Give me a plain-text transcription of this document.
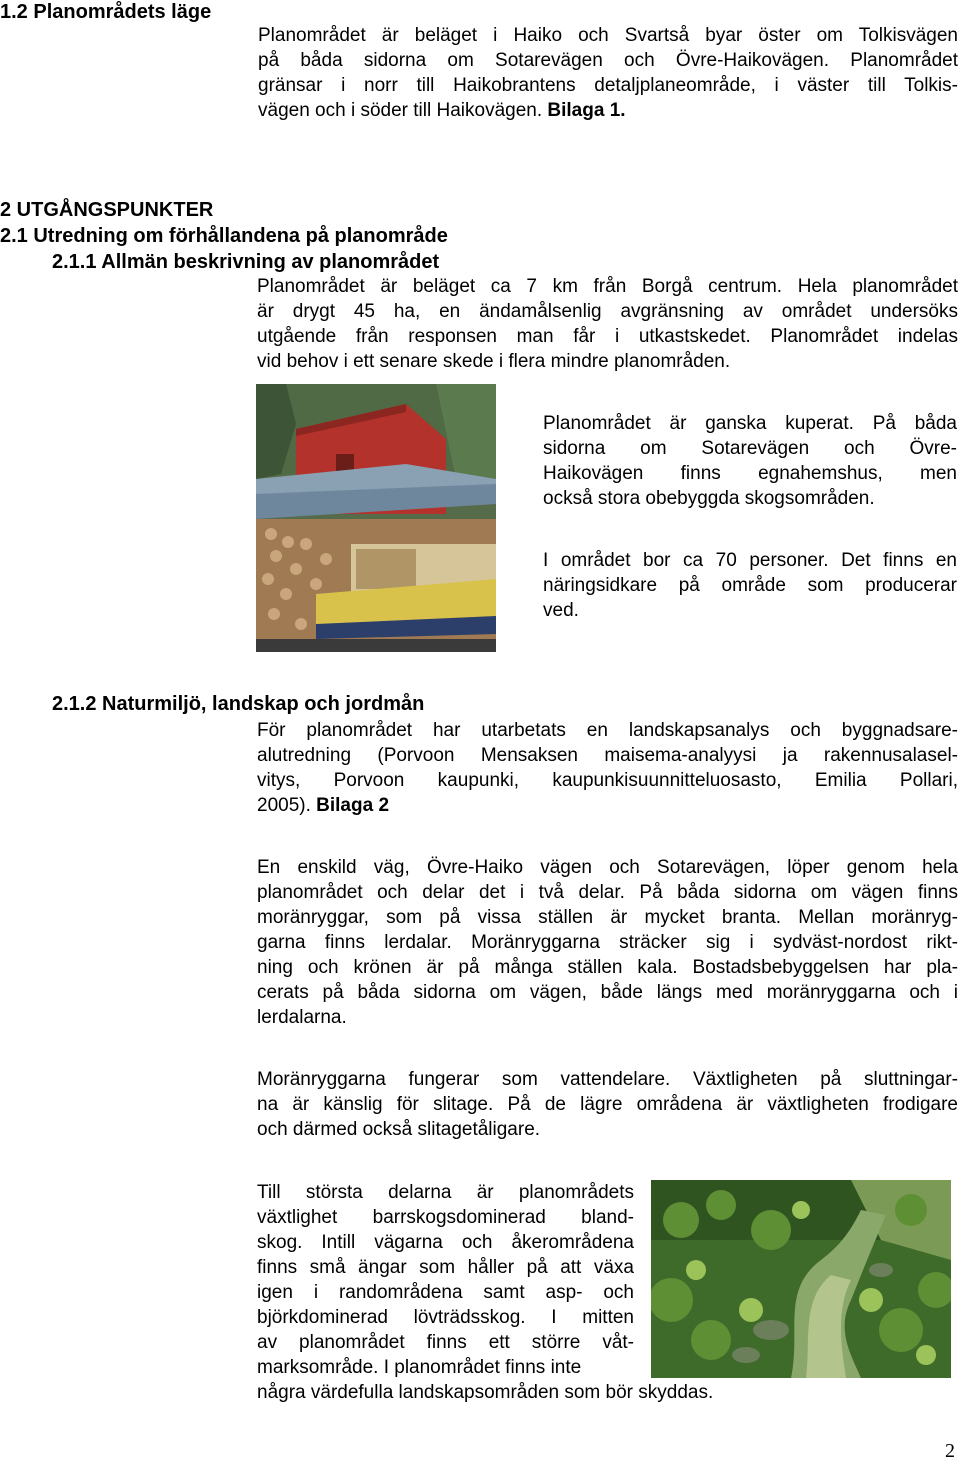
1.2 Planområdets läge
Planområdet är beläget i Haiko och Svartså byar öster om Tolkisvägen
på båda sidorna om Sotarevägen och Övre-Haikovägen. Planområdet
gränsar i norr till Haikobrantens detaljplaneområde, i väster till Tolkis-
vägen och i söder till Haikovägen. Bilaga 1.
2 UTGÅNGSPUNKTER
2.1 Utredning om förhållandena på planområde
2.1.1 Allmän beskrivning av planområdet
Planområdet är beläget ca 7 km från Borgå centrum. Hela planområdet
är drygt 45 ha, en ändamålsenlig avgränsning av området undersöks
utgående från responsen man får i utkastskedet. Planområdet indelas
vid behov i ett senare skede i flera mindre planområden.
Planområdet är ganska kuperat. På båda
sidorna om Sotarevägen och Övre-
Haikovägen finns egnahemshus, men
också stora obebyggda skogsområden.
I området bor ca 70 personer. Det finns en
näringsidkare på område som producerar
ved.
2.1.2 Naturmiljö, landskap och jordmån
För planområdet har utarbetats en landskapsanalys och byggnadsare-
alutredning (Porvoon Mensaksen maisema-analyysi ja rakennusalasel-
vitys, Porvoon kaupunki, kaupunkisuunnitteluosasto, Emilia Pollari,
2005). Bilaga 2
En enskild väg, Övre-Haiko vägen och Sotarevägen, löper genom hela
planområdet och delar det i två delar. På båda sidorna om vägen finns
moränryggar, som på vissa ställen är mycket branta. Mellan moränryg-
garna finns lerdalar. Moränryggarna sträcker sig i sydväst-nordost rikt-
ning och krönen är på många ställen kala. Bostadsbebyggelsen har pla-
cerats på båda sidorna om vägen, både längs med moränryggarna och i
lerdalarna.
Moränryggarna fungerar som vattendelare. Växtligheten på sluttningar-
na är känslig för slitage. På de lägre områdena är växtligheten frodigare
och därmed också slitagetåligare.
Till största delarna är planområdets
växtlighet barrskogsdominerad bland-
skog. Intill vägarna och åkerområdena
finns små ängar som håller på att växa
igen i randområdena samt asp- och
björkdominerad lövträdsskog. I mitten
av planområdet finns ett större våt-
marksområde. I planområdet finns inte
några värdefulla landskapsområden som bör skyddas.
2
